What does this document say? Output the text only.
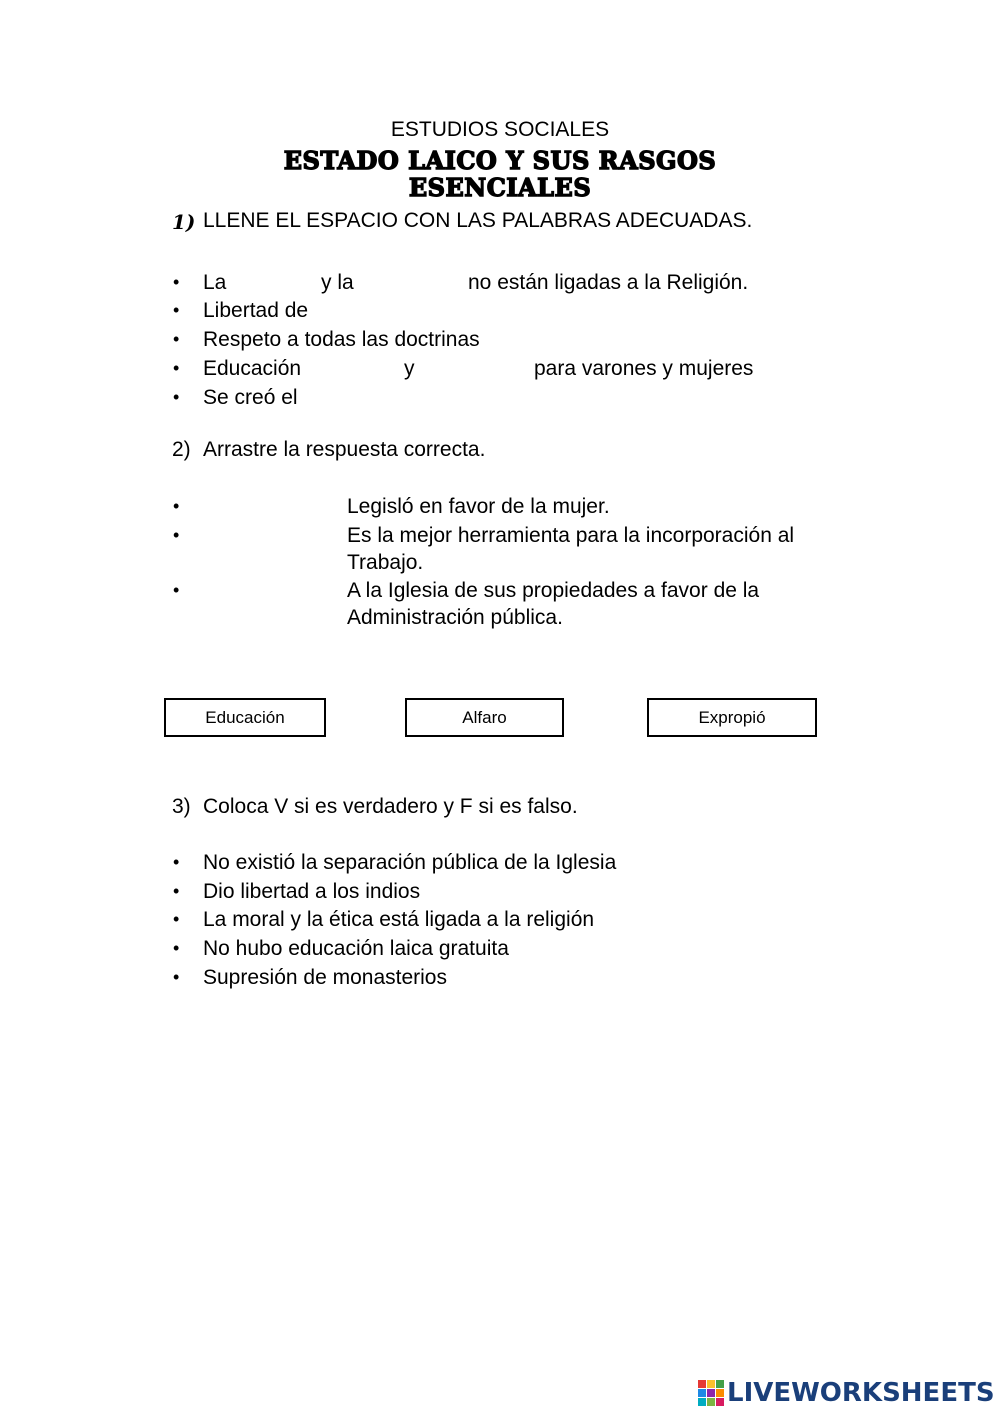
ESTUDIOS SOCIALES
ESTADO LAICO Y SUS RASGOS
ESENCIALES
1) LLENE EL ESPACIO CON LAS PALABRAS ADECUADAS.
• La	y la	no están ligadas a la Religión.
• Libertad de
• Respeto a todas las doctrinas
• Educación	y	para varones y mujeres
• Se creó el
2) Arrastre la respuesta correcta.
•	Legisló en favor de la mujer.
•	Es la mejor herramienta para la incorporación al
Trabajo.
•	A la Iglesia de sus propiedades a favor de la
Administración pública.
Educación	Alfaro	Expropió
3) Coloca V si es verdadero y F si es falso.
• No existió la separación pública de la Iglesia
• Dio libertad a los indios
• La moral y la ética está ligada a la religión
• No hubo educación laica gratuita
• Supresión de monasterios
LIVEWORKSHEETS
